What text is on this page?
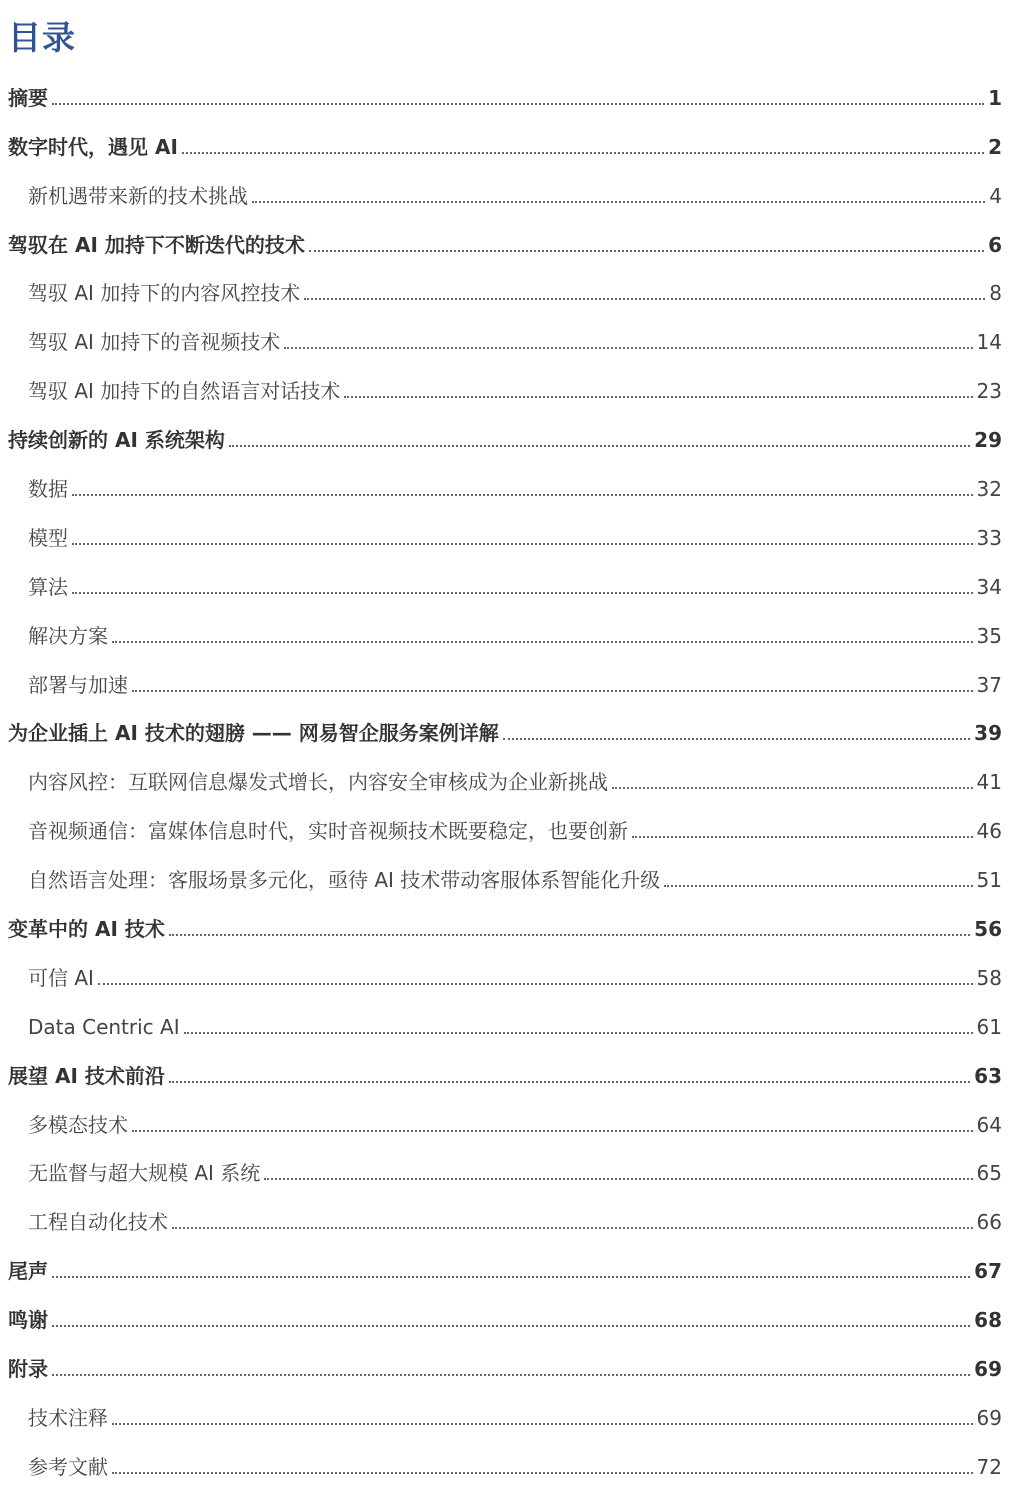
目录
摘要	1
数字时代，遇见 AI	2
新机遇带来新的技术挑战	4
驾驭在 AI 加持下不断迭代的技术	6
驾驭 AI 加持下的内容风控技术	8
驾驭 AI 加持下的音视频技术	14
驾驭 AI 加持下的自然语言对话技术	23
持续创新的 AI 系统架构	29
数据	32
模型	33
算法	34
解决方案	35
部署与加速	37
为企业插上 AI 技术的翅膀 —— 网易智企服务案例详解	39
内容风控：互联网信息爆发式增长，内容安全审核成为企业新挑战	41
音视频通信：富媒体信息时代，实时音视频技术既要稳定，也要创新	46
自然语言处理：客服场景多元化，亟待 AI 技术带动客服体系智能化升级	51
变革中的 AI 技术	56
可信 AI	58
Data Centric AI	61
展望 AI 技术前沿	63
多模态技术	64
无监督与超大规模 AI 系统	65
工程自动化技术	66
尾声	67
鸣谢	68
附录	69
技术注释	69
参考文献	72
